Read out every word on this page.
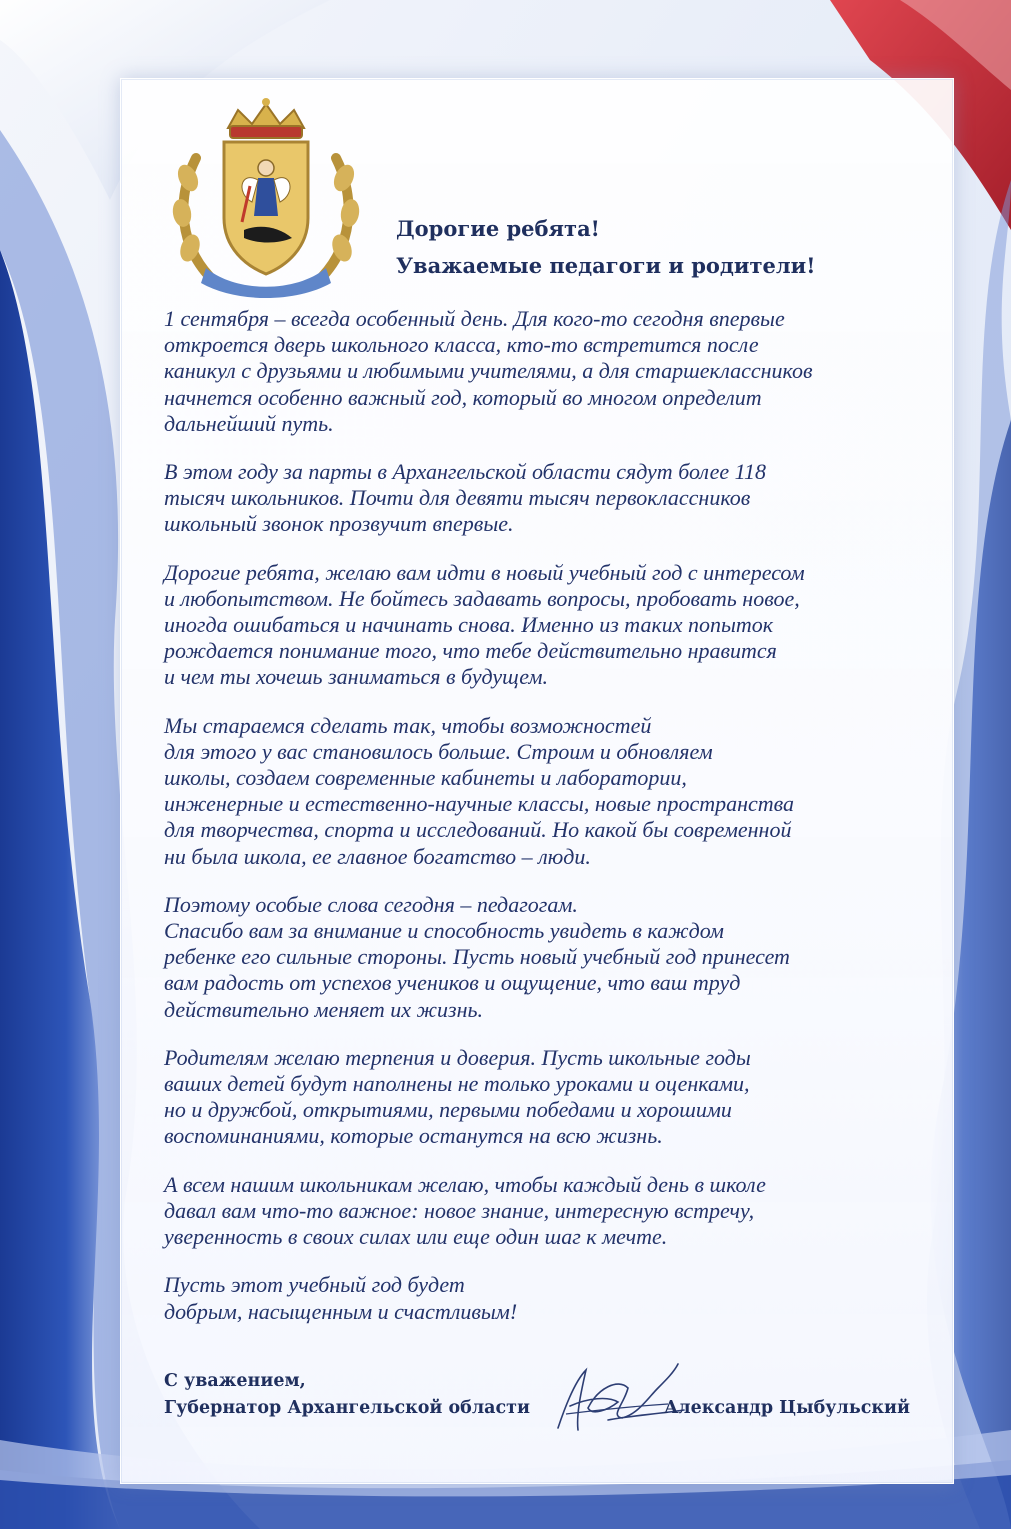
Дорогие ребята!
Уважаемые педагоги и родители!

1 сентября – всегда особенный день. Для кого-то сегодня впервые
откроется дверь школьного класса, кто-то встретится после
каникул с друзьями и любимыми учителями, а для старшеклассников
начнется особенно важный год, который во многом определит
дальнейший путь.

В этом году за парты в Архангельской области сядут более 118
тысяч школьников. Почти для девяти тысяч первоклассников
школьный звонок прозвучит впервые.

Дорогие ребята, желаю вам идти в новый учебный год с интересом
и любопытством. Не бойтесь задавать вопросы, пробовать новое,
иногда ошибаться и начинать снова. Именно из таких попыток
рождается понимание того, что тебе действительно нравится
и чем ты хочешь заниматься в будущем.

Мы стараемся сделать так, чтобы возможностей
для этого у вас становилось больше. Строим и обновляем
школы, создаем современные кабинеты и лаборатории,
инженерные и естественно-научные классы, новые пространства
для творчества, спорта и исследований. Но какой бы современной
ни была школа, ее главное богатство – люди.

Поэтому особые слова сегодня – педагогам.
Спасибо вам за внимание и способность увидеть в каждом
ребенке его сильные стороны. Пусть новый учебный год принесет
вам радость от успехов учеников и ощущение, что ваш труд
действительно меняет их жизнь.

Родителям желаю терпения и доверия. Пусть школьные годы
ваших детей будут наполнены не только уроками и оценками,
но и дружбой, открытиями, первыми победами и хорошими
воспоминаниями, которые останутся на всю жизнь.

А всем нашим школьникам желаю, чтобы каждый день в школе
давал вам что-то важное: новое знание, интересную встречу,
уверенность в своих силах или еще один шаг к мечте.

Пусть этот учебный год будет
добрым, насыщенным и счастливым!

С уважением,
Губернатор Архангельской области	Александр Цыбульский
